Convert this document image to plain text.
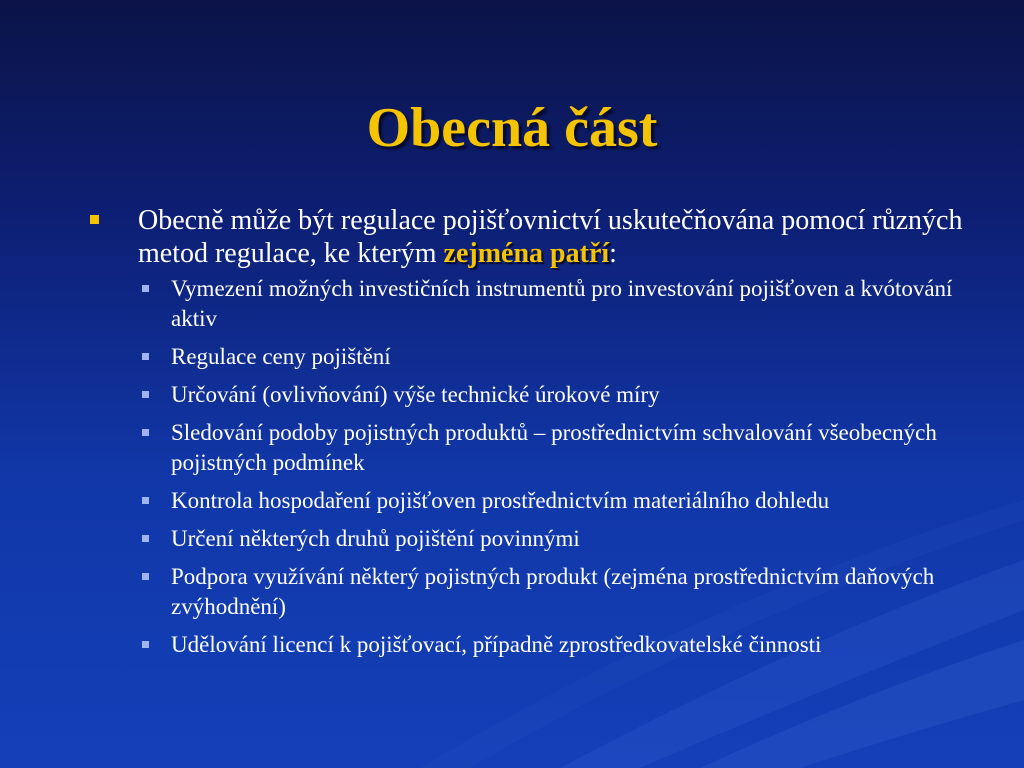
Obecná část
Obecně může být regulace pojišťovnictví uskutečňována pomocí různých metod regulace, ke kterým zejména patří:
Vymezení možných investičních instrumentů pro investování pojišťoven a kvótování aktiv
Regulace ceny pojištění
Určování (ovlivňování) výše technické úrokové míry
Sledování podoby pojistných produktů – prostřednictvím schvalování všeobecných pojistných podmínek
Kontrola hospodaření pojišťoven prostřednictvím materiálního dohledu
Určení některých druhů pojištění povinnými
Podpora využívání některý pojistných produkt (zejména prostřednictvím daňových zvýhodnění)
Udělování licencí k pojišťovací, případně zprostředkovatelské činnosti
